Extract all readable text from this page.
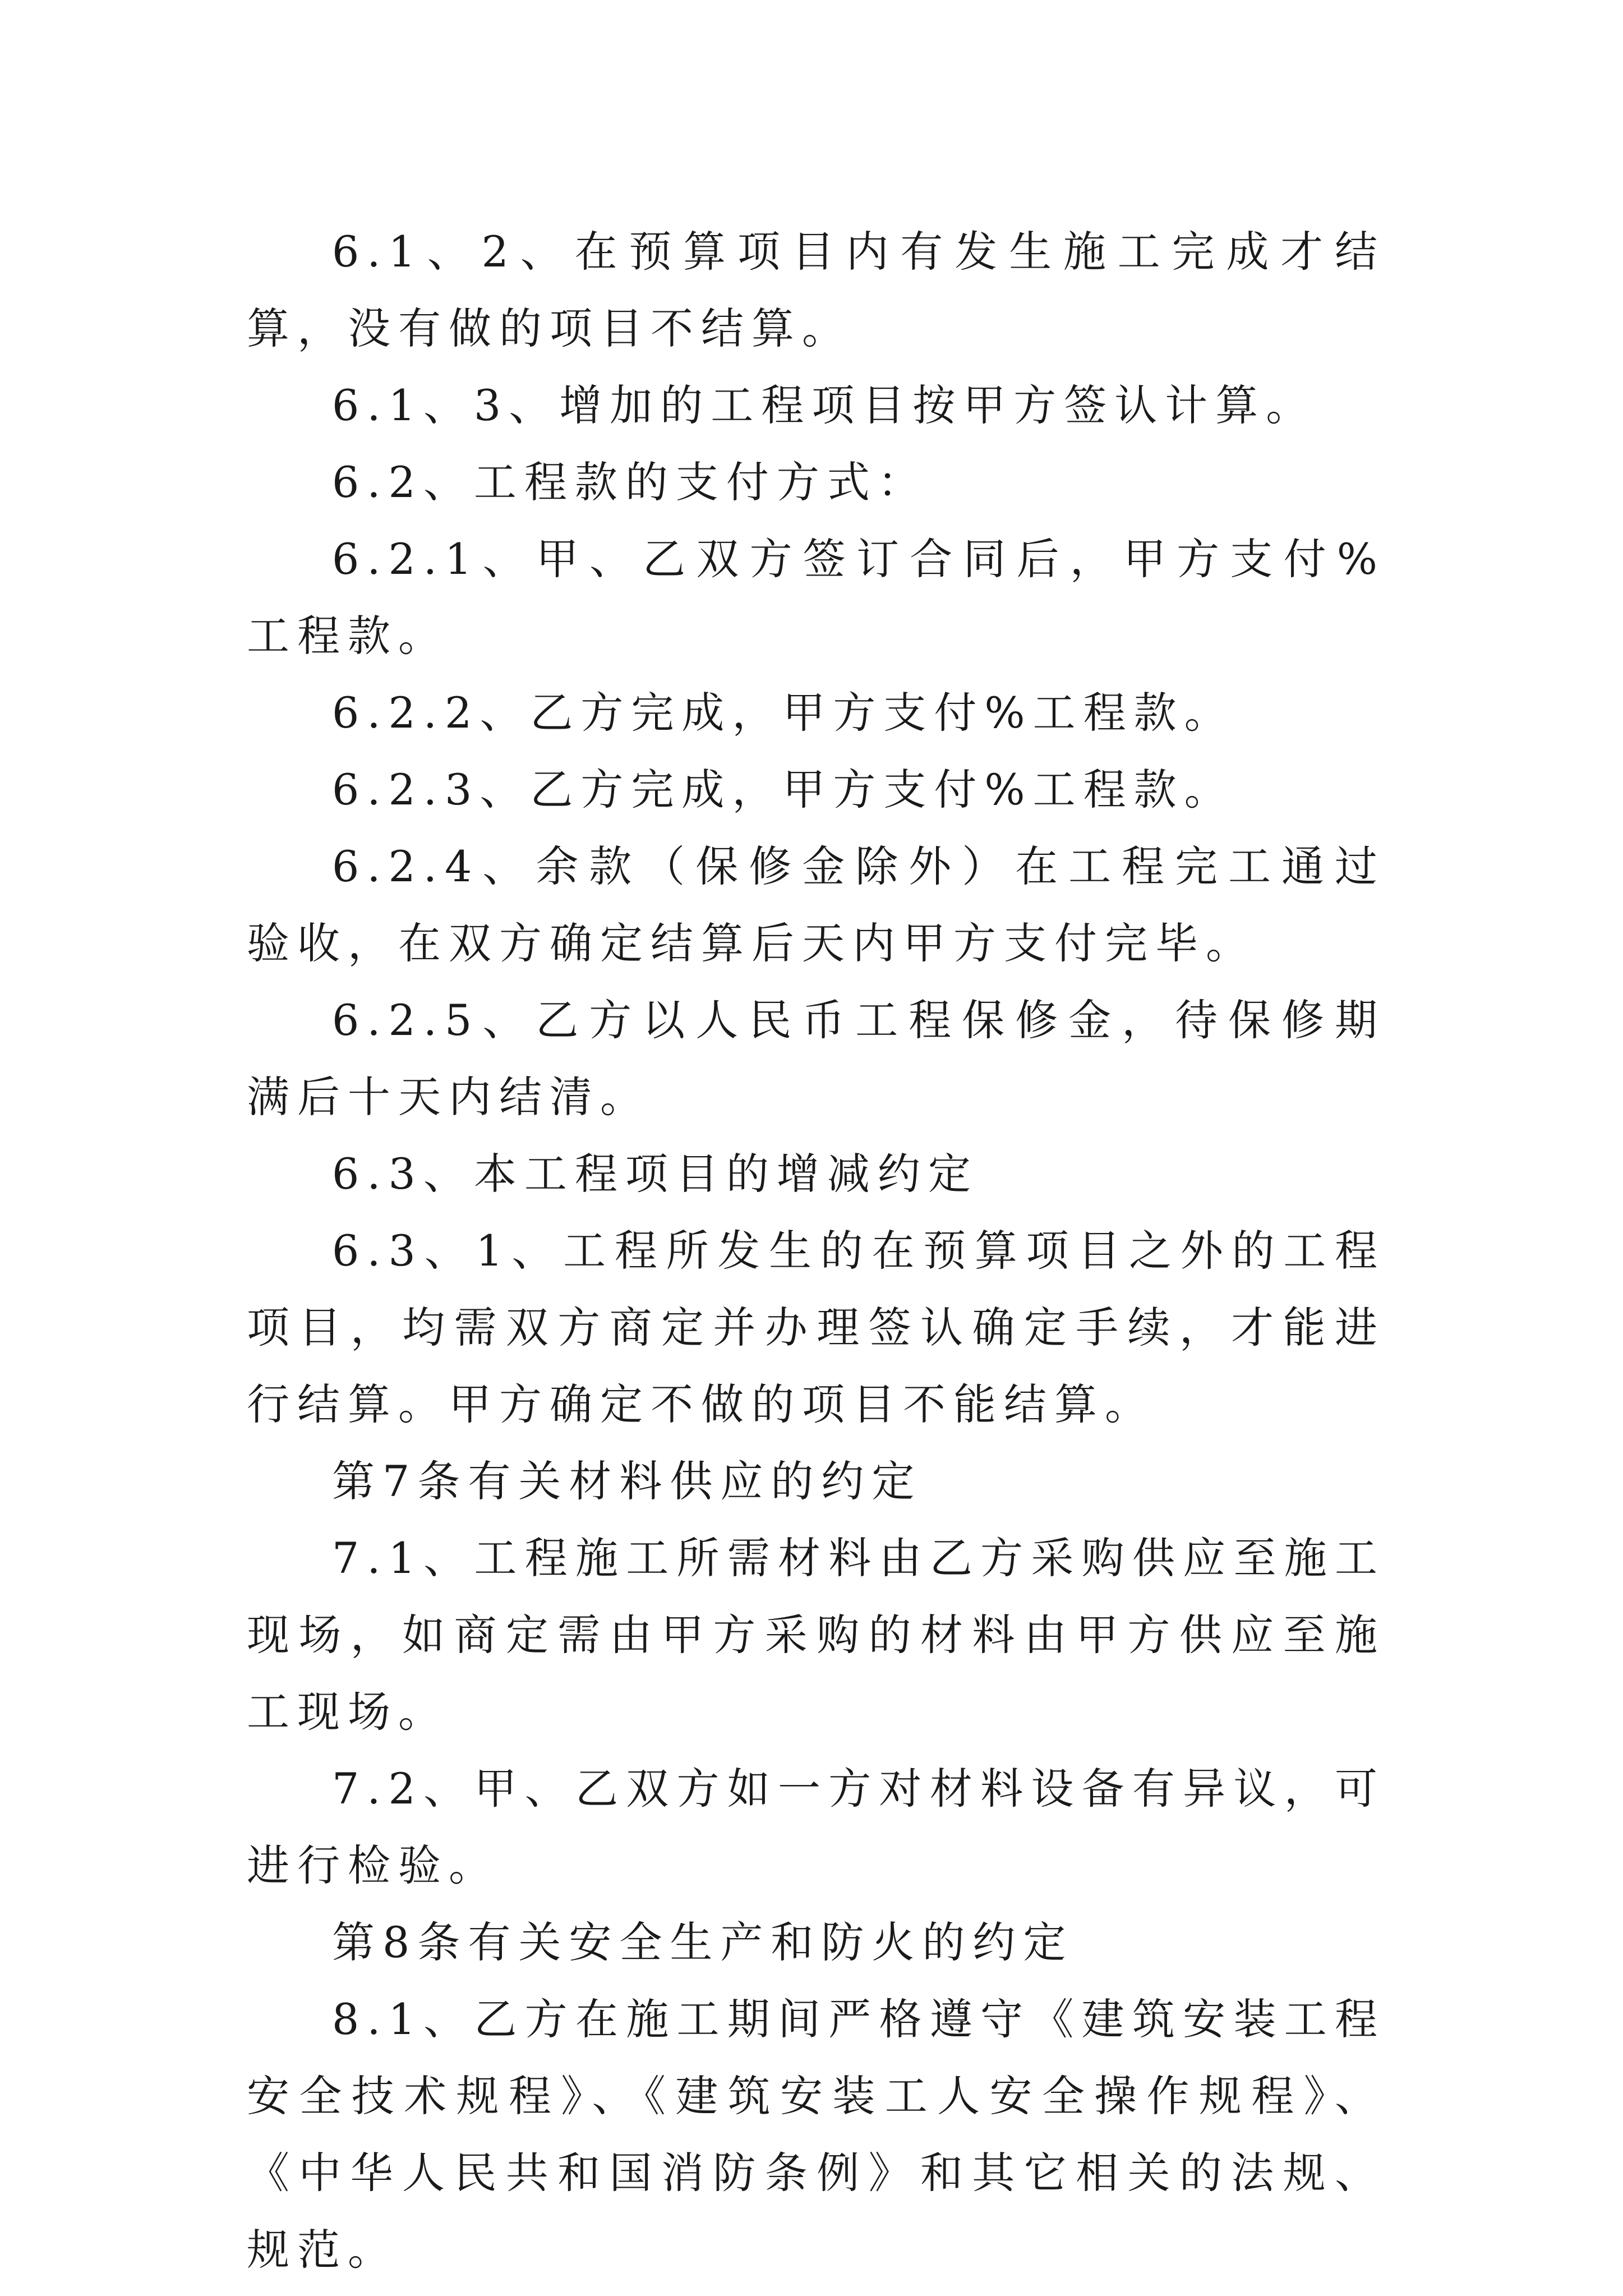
6.1、2、在预算项目内有发生施工完成才结算，没有做的项目不结算。

6.1、3、增加的工程项目按甲方签认计算。

6.2、工程款的支付方式：

6.2.1、甲、乙双方签订合同后，甲方支付%工程款。

6.2.2、乙方完成，甲方支付%工程款。

6.2.3、乙方完成，甲方支付%工程款。

6.2.4、余款（保修金除外）在工程完工通过验收，在双方确定结算后天内甲方支付完毕。

6.2.5、乙方以人民币工程保修金，待保修期满后十天内结清。

6.3、本工程项目的增减约定

6.3、1、工程所发生的在预算项目之外的工程项目，均需双方商定并办理签认确定手续，才能进行结算。甲方确定不做的项目不能结算。

第7条有关材料供应的约定

7.1、工程施工所需材料由乙方采购供应至施工现场，如商定需由甲方采购的材料由甲方供应至施工现场。

7.2、甲、乙双方如一方对材料设备有异议，可进行检验。

第8条有关安全生产和防火的约定

8.1、乙方在施工期间严格遵守《建筑安装工程安全技术规程》、《建筑安装工人安全操作规程》、《中华人民共和国消防条例》和其它相关的法规、规范。
